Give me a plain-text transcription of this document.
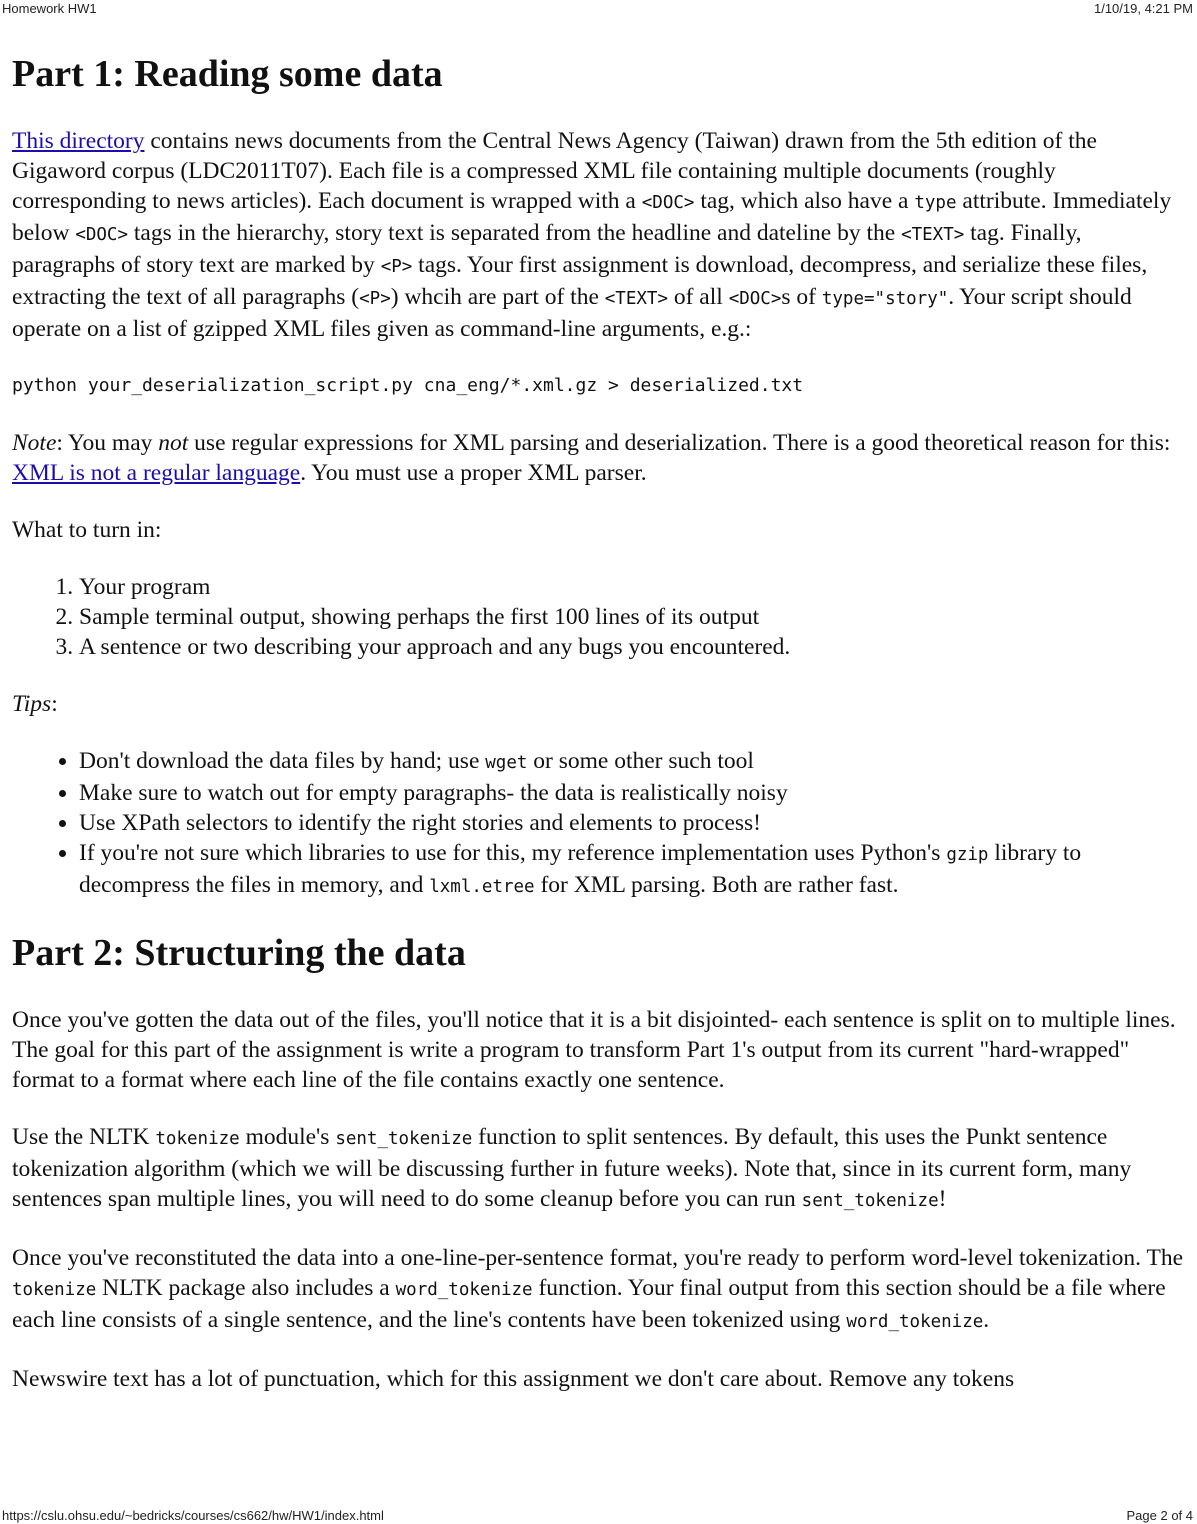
Homework HW1	1/10/19, 4:21 PM
Part 1: Reading some data

This directory contains news documents from the Central News Agency (Taiwan) drawn from the 5th edition of the Gigaword corpus (LDC2011T07). Each file is a compressed XML file containing multiple documents (roughly corresponding to news articles). Each document is wrapped with a <DOC> tag, which also have a type attribute. Immediately below <DOC> tags in the hierarchy, story text is separated from the headline and dateline by the <TEXT> tag. Finally, paragraphs of story text are marked by <P> tags. Your first assignment is download, decompress, and serialize these files, extracting the text of all paragraphs (<P>) whcih are part of the <TEXT> of all <DOC>s of type="story". Your script should operate on a list of gzipped XML files given as command-line arguments, e.g.:

python your_deserialization_script.py cna_eng/*.xml.gz > deserialized.txt

Note: You may not use regular expressions for XML parsing and deserialization. There is a good theoretical reason for this: XML is not a regular language. You must use a proper XML parser.

What to turn in:

1. Your program
2. Sample terminal output, showing perhaps the first 100 lines of its output
3. A sentence or two describing your approach and any bugs you encountered.

Tips:

• Don't download the data files by hand; use wget or some other such tool
• Make sure to watch out for empty paragraphs- the data is realistically noisy
• Use XPath selectors to identify the right stories and elements to process!
• If you're not sure which libraries to use for this, my reference implementation uses Python's gzip library to decompress the files in memory, and lxml.etree for XML parsing. Both are rather fast.
Part 2: Structuring the data

Once you've gotten the data out of the files, you'll notice that it is a bit disjointed- each sentence is split on to multiple lines. The goal for this part of the assignment is write a program to transform Part 1's output from its current "hard-wrapped" format to a format where each line of the file contains exactly one sentence.

Use the NLTK tokenize module's sent_tokenize function to split sentences. By default, this uses the Punkt sentence tokenization algorithm (which we will be discussing further in future weeks). Note that, since in its current form, many sentences span multiple lines, you will need to do some cleanup before you can run sent_tokenize!

Once you've reconstituted the data into a one-line-per-sentence format, you're ready to perform word-level tokenization. The tokenize NLTK package also includes a word_tokenize function. Your final output from this section should be a file where each line consists of a single sentence, and the line's contents have been tokenized using word_tokenize.

Newswire text has a lot of punctuation, which for this assignment we don't care about. Remove any tokens

https://cslu.ohsu.edu/~bedricks/courses/cs662/hw/HW1/index.html	Page 2 of 4
